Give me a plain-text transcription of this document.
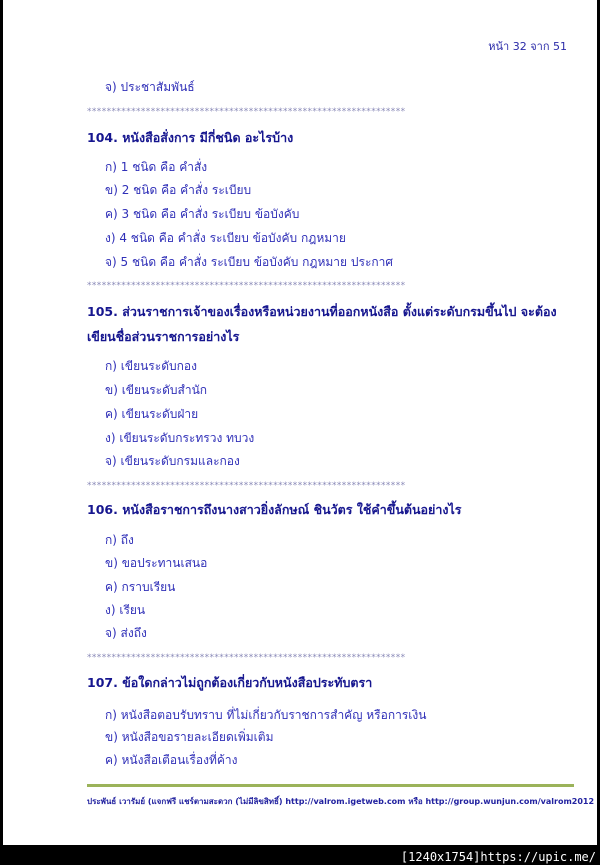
หน้า 32 จาก 51
จ) ประชาสัมพันธ์
*****************************************************************
104. หนังสือสั่งการ มีกี่ชนิด อะไรบ้าง
ก) 1 ชนิด คือ คำสั่ง
ข) 2 ชนิด คือ คำสั่ง ระเบียบ
ค) 3 ชนิด คือ คำสั่ง ระเบียบ ข้อบังคับ
ง) 4 ชนิด คือ คำสั่ง ระเบียบ ข้อบังคับ กฎหมาย
จ) 5 ชนิด คือ คำสั่ง ระเบียบ ข้อบังคับ กฎหมาย ประกาศ
*****************************************************************
105. ส่วนราชการเจ้าของเรื่องหรือหน่วยงานที่ออกหนังสือ ตั้งแต่ระดับกรมขึ้นไป จะต้อง
เขียนชื่อส่วนราชการอย่างไร
ก) เขียนระดับกอง
ข) เขียนระดับสำนัก
ค) เขียนระดับฝ่าย
ง) เขียนระดับกระทรวง ทบวง
จ) เขียนระดับกรมและกอง
*****************************************************************
106. หนังสือราชการถึงนางสาวยิ่งลักษณ์ ชินวัตร ใช้คำขึ้นต้นอย่างไร
ก) ถึง
ข) ขอประทานเสนอ
ค) กราบเรียน
ง) เรียน
จ) ส่งถึง
*****************************************************************
107. ข้อใดกล่าวไม่ถูกต้องเกี่ยวกับหนังสือประทับตรา
ก) หนังสือตอบรับทราบ ที่ไม่เกี่ยวกับราชการสำคัญ หรือการเงิน
ข) หนังสือขอรายละเอียดเพิ่มเติม
ค) หนังสือเตือนเรื่องที่ค้าง
ประพันธ์ เวารัมย์ (แจกฟรี แชร์ตามสะดวก (ไม่มีลิขสิทธิ์) http://valrom.igetweb.com หรือ http://group.wunjun.com/valrom2012
[1240x1754]https://upic.me/
